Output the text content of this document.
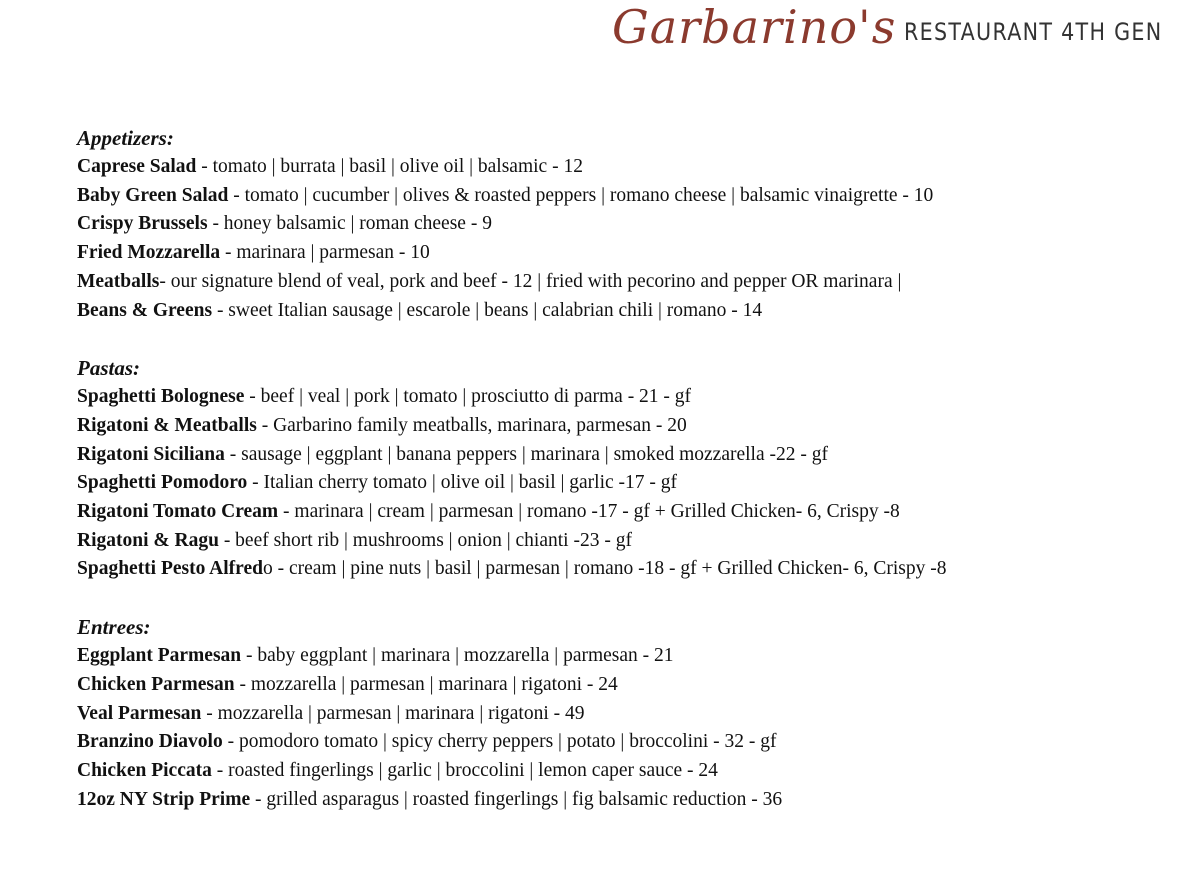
Garbarino's RESTAURANT 4TH GEN
Appetizers:
Caprese Salad - tomato | burrata | basil | olive oil | balsamic - 12
Baby Green Salad - tomato | cucumber | olives & roasted peppers | romano cheese | balsamic vinaigrette - 10
Crispy Brussels - honey balsamic | roman cheese - 9
Fried Mozzarella - marinara | parmesan - 10
Meatballs- our signature blend of veal, pork and beef - 12 | fried with pecorino and pepper OR marinara |
Beans & Greens - sweet Italian sausage | escarole | beans | calabrian chili | romano - 14
Pastas:
Spaghetti Bolognese - beef | veal | pork | tomato | prosciutto di parma - 21 - gf
Rigatoni & Meatballs - Garbarino family meatballs, marinara, parmesan - 20
Rigatoni Siciliana - sausage | eggplant | banana peppers | marinara | smoked mozzarella -22 - gf
Spaghetti Pomodoro - Italian cherry tomato | olive oil | basil | garlic -17 - gf
Rigatoni Tomato Cream - marinara | cream | parmesan | romano -17 - gf + Grilled Chicken- 6, Crispy -8
Rigatoni & Ragu - beef short rib | mushrooms | onion | chianti -23 - gf
Spaghetti Pesto Alfredo - cream | pine nuts | basil | parmesan | romano -18 - gf + Grilled Chicken- 6, Crispy -8
Entrees:
Eggplant Parmesan - baby eggplant | marinara | mozzarella | parmesan - 21
Chicken Parmesan - mozzarella | parmesan | marinara | rigatoni - 24
Veal Parmesan - mozzarella | parmesan | marinara | rigatoni - 49
Branzino Diavolo - pomodoro tomato | spicy cherry peppers | potato | broccolini - 32 - gf
Chicken Piccata - roasted fingerlings | garlic | broccolini | lemon caper sauce - 24
12oz NY Strip Prime - grilled asparagus | roasted fingerlings | fig balsamic reduction - 36
